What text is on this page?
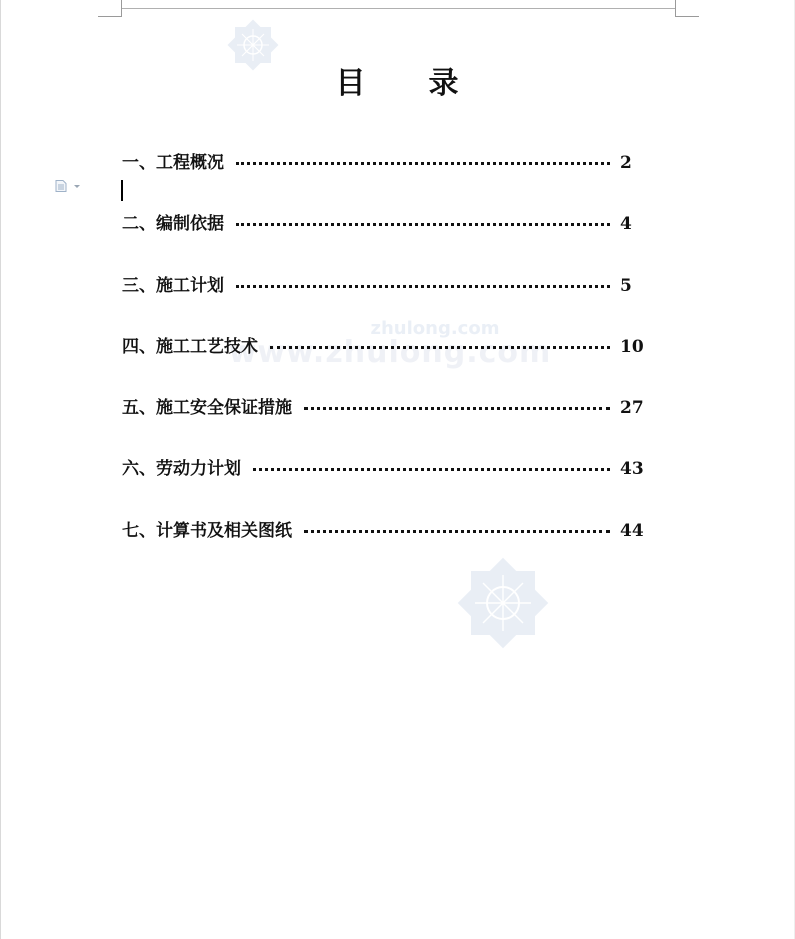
zhulong.com
www.zhulong.com
目　　录
一、工程概况	2
二、编制依据	4
三、施工计划	5
四、施工工艺技术	10
五、施工安全保证措施	27
六、劳动力计划	43
七、计算书及相关图纸	44
